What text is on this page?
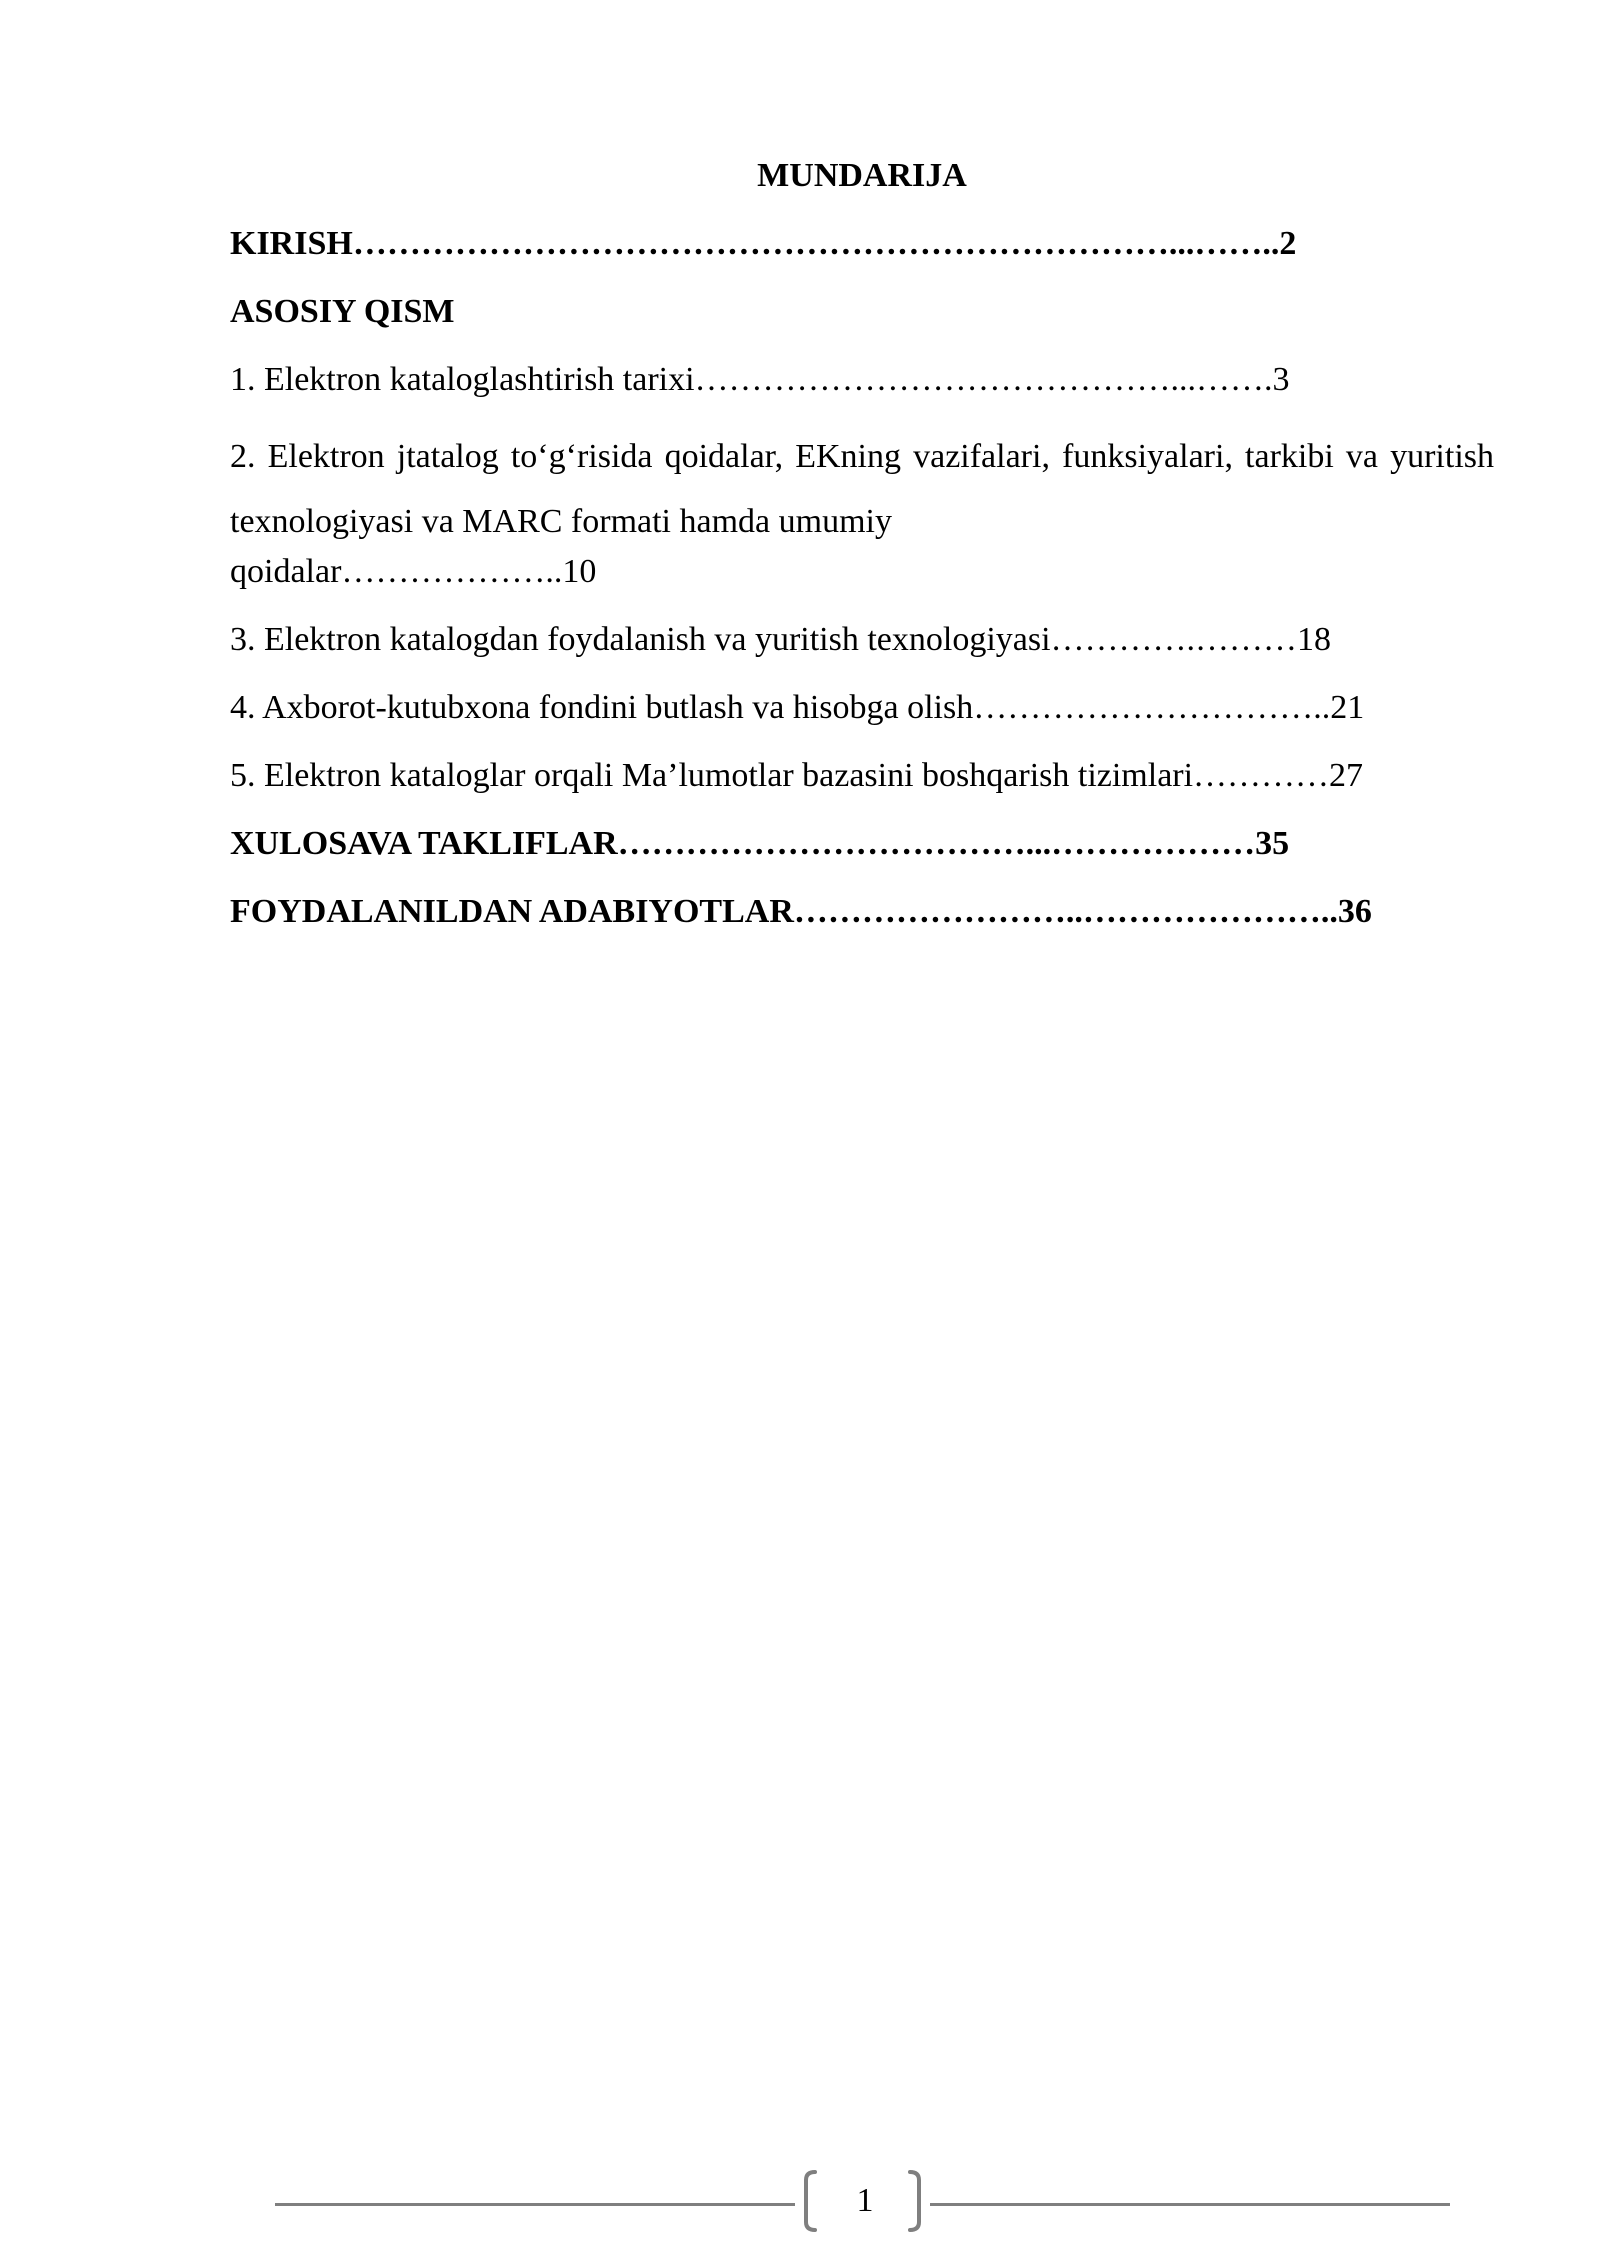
MUNDARIJA
KIRISH………………………………………………………………...……..2
ASOSIY QISM
1. Elektron kataloglashtirish tarixi……………………………………...…….3
2. Elektron jtatalog to‘g‘risida qoidalar, EKning vazifalari, funksiyalari, tarkibi va yuritish texnologiyasi va MARC formati hamda umumiy
qoidalar………………..10
3. Elektron katalogdan foydalanish va yuritish texnologiyasi………….………18
4. Axborot-kutubxona fondini butlash va hisobga olish…………………………..21
5. Elektron kataloglar orqali Ma’lumotlar bazasini boshqarish tizimlari…………27
XULOSAVA TAKLIFLAR………………………………...………………35
FOYDALANILDAN ADABIYOTLAR……………………..…………………..36
1
